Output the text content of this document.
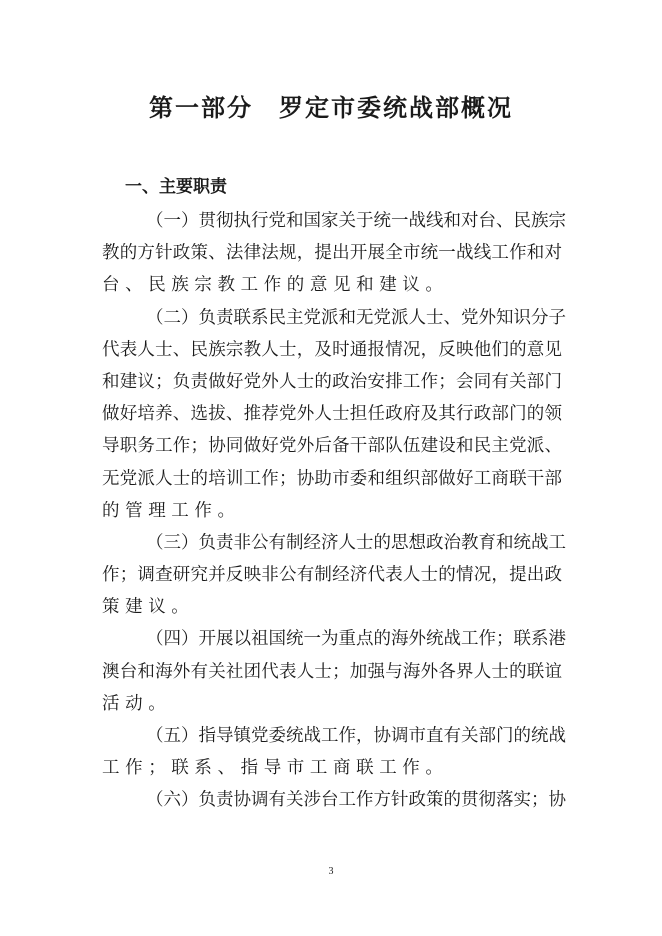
第一部分　罗定市委统战部概况
一、主要职责
（一）贯彻执行党和国家关于统一战线和对台、民族宗
教的方针政策、法律法规，提出开展全市统一战线工作和对
台、民族宗教工作的意见和建议。
（二）负责联系民主党派和无党派人士、党外知识分子
代表人士、民族宗教人士，及时通报情况，反映他们的意见
和建议；负责做好党外人士的政治安排工作；会同有关部门
做好培养、选拔、推荐党外人士担任政府及其行政部门的领
导职务工作；协同做好党外后备干部队伍建设和民主党派、
无党派人士的培训工作；协助市委和组织部做好工商联干部
的管理工作。
（三）负责非公有制经济人士的思想政治教育和统战工
作；调查研究并反映非公有制经济代表人士的情况，提出政
策建议。
（四）开展以祖国统一为重点的海外统战工作；联系港
澳台和海外有关社团代表人士；加强与海外各界人士的联谊
活动。
（五）指导镇党委统战工作，协调市直有关部门的统战
工作；联系、指导市工商联工作。
（六）负责协调有关涉台工作方针政策的贯彻落实；协
3
